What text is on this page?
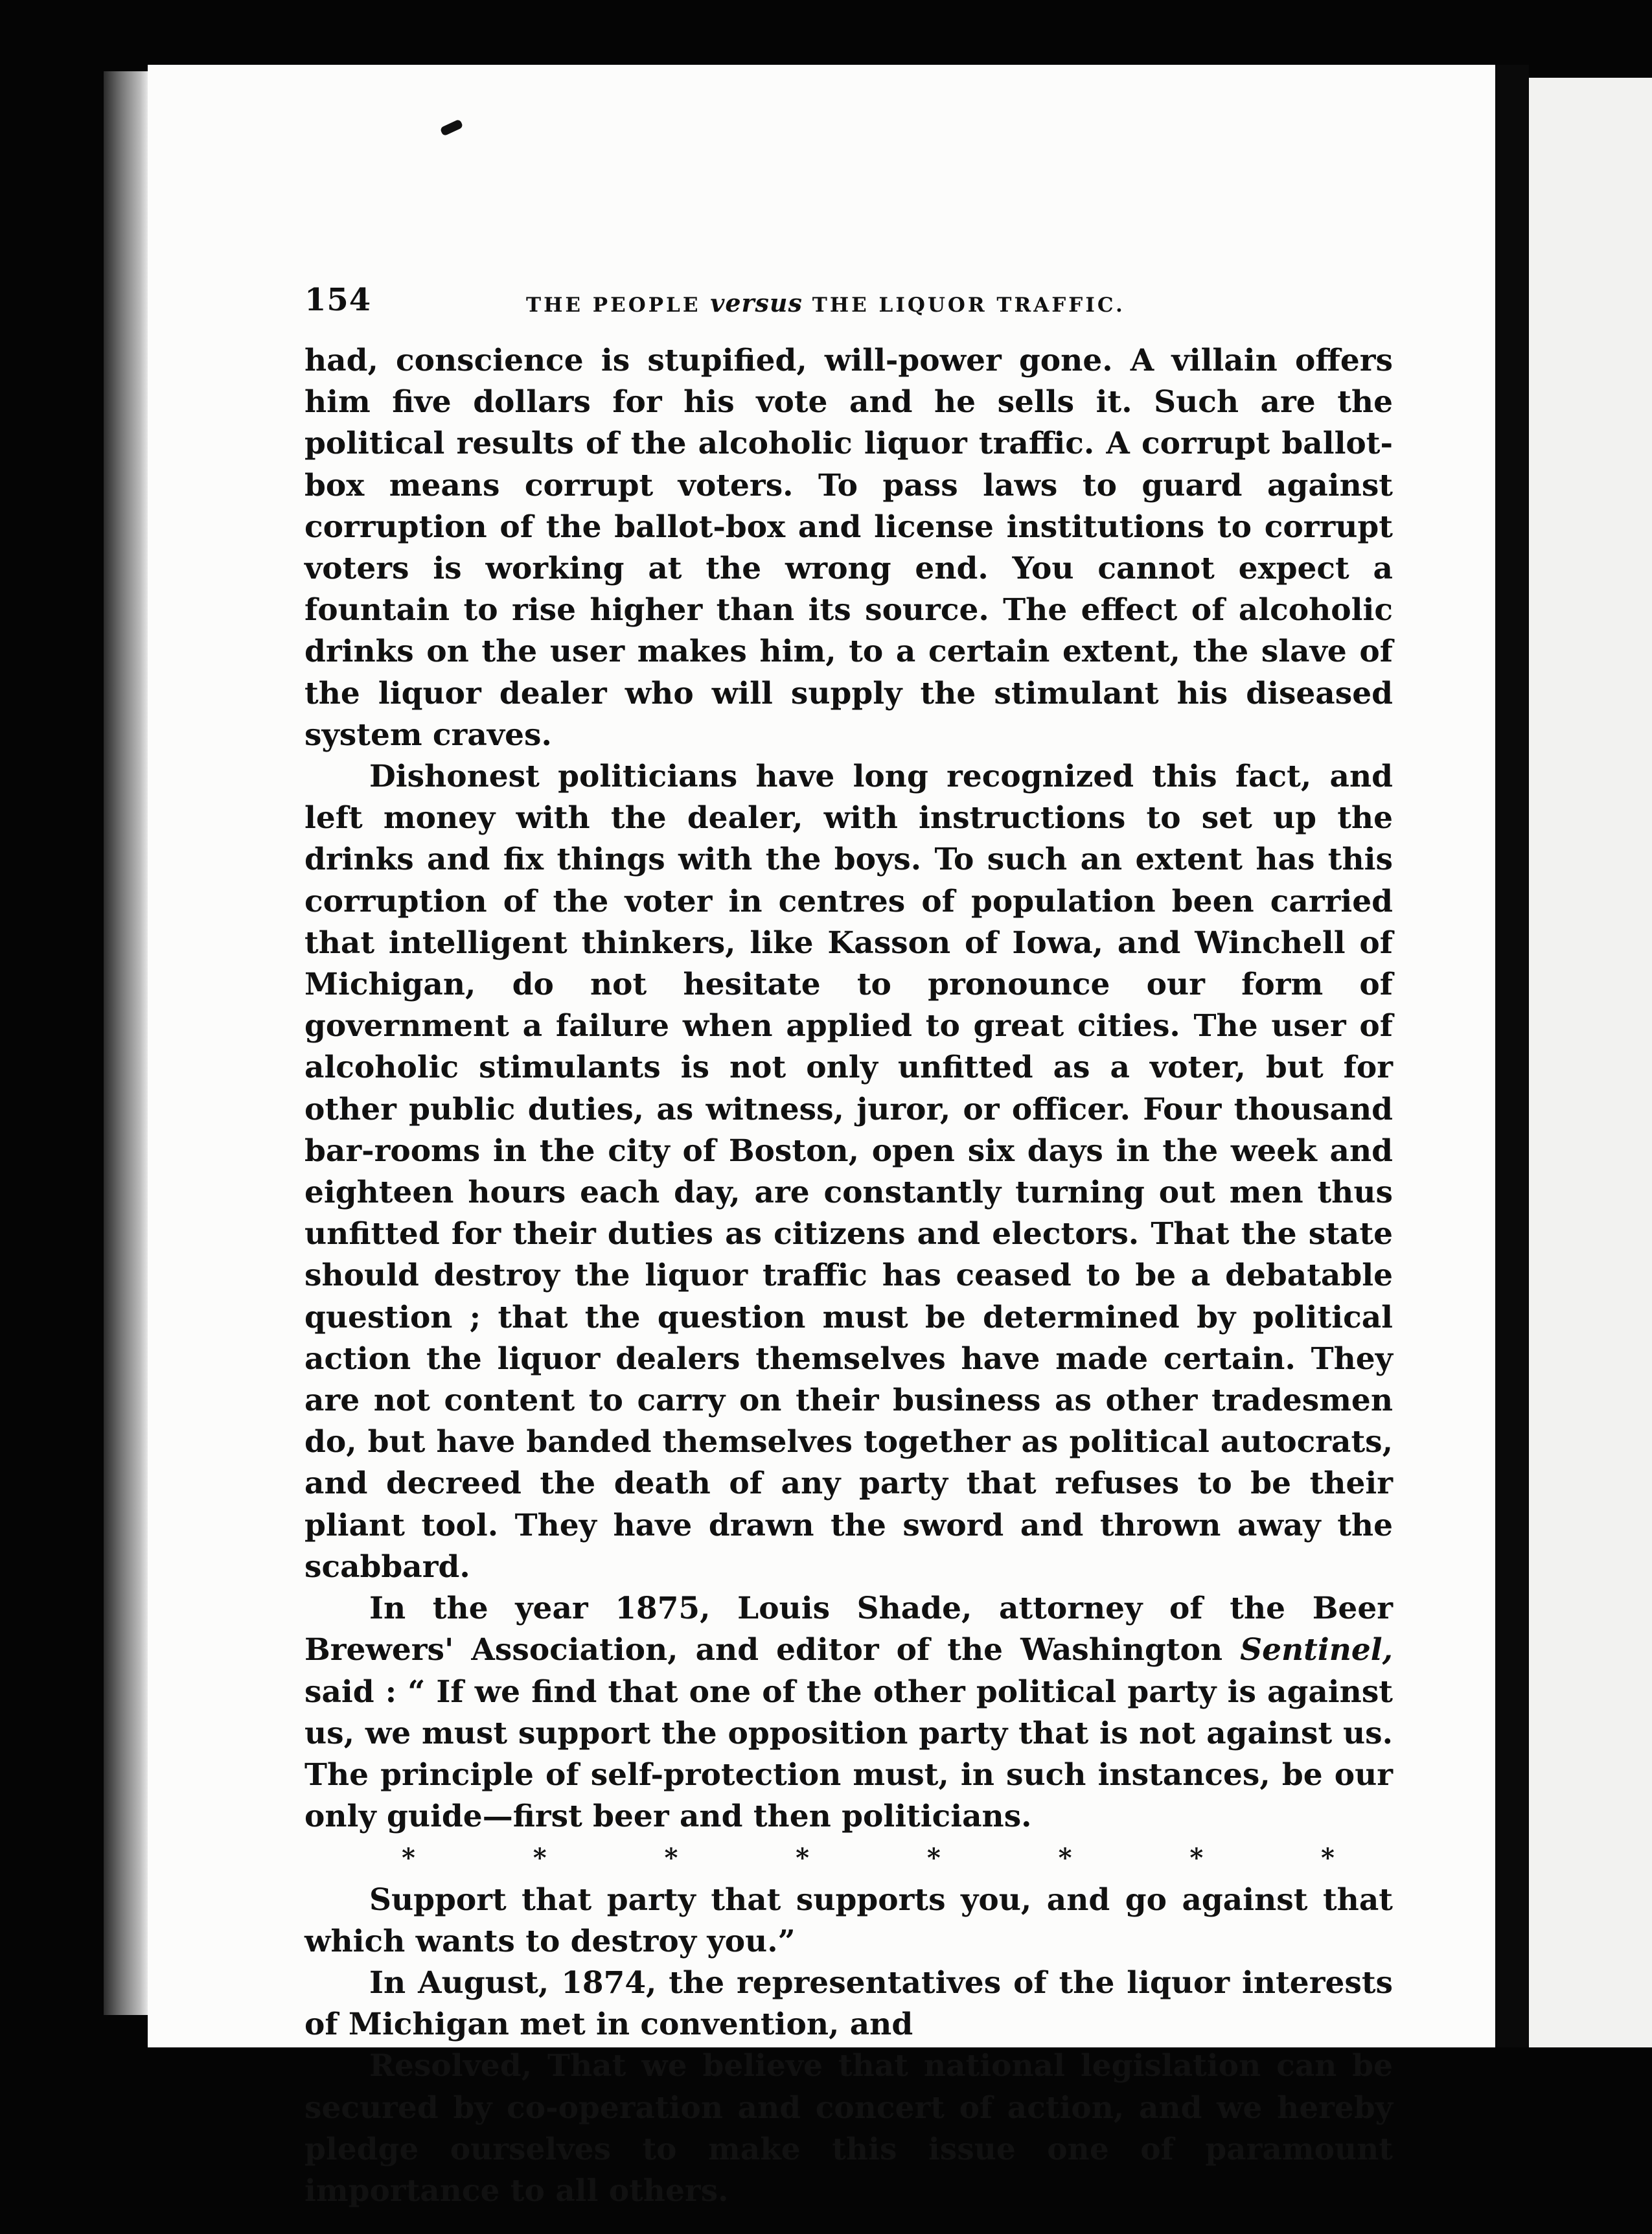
154	THE PEOPLE versus THE LIQUOR TRAFFIC.

had, conscience is stupified, will-power gone. A villain offers him five dollars for his vote and he sells it. Such are the political results of the alcoholic liquor traffic. A corrupt ballot-box means corrupt voters. To pass laws to guard against corruption of the ballot-box and license institutions to corrupt voters is working at the wrong end. You cannot expect a fountain to rise higher than its source. The effect of alcoholic drinks on the user makes him, to a certain extent, the slave of the liquor dealer who will supply the stimulant his diseased system craves.

Dishonest politicians have long recognized this fact, and left money with the dealer, with instructions to set up the drinks and fix things with the boys. To such an extent has this corruption of the voter in centres of population been carried that intelligent thinkers, like Kasson of Iowa, and Winchell of Michigan, do not hesitate to pronounce our form of government a failure when applied to great cities. The user of alcoholic stimulants is not only unfitted as a voter, but for other public duties, as witness, juror, or officer. Four thousand bar-rooms in the city of Boston, open six days in the week and eighteen hours each day, are constantly turning out men thus unfitted for their duties as citizens and electors. That the state should destroy the liquor traffic has ceased to be a debatable question ; that the question must be determined by political action the liquor dealers themselves have made certain. They are not content to carry on their business as other tradesmen do, but have banded themselves together as political autocrats, and decreed the death of any party that refuses to be their pliant tool. They have drawn the sword and thrown away the scabbard.

In the year 1875, Louis Shade, attorney of the Beer Brewers' Association, and editor of the Washington Sentinel, said : “ If we find that one of the other political party is against us, we must support the opposition party that is not against us. The principle of self-protection must, in such instances, be our only guide—first beer and then politicians.

*	*	*	*	*	*	*	*

Support that party that supports you, and go against that which wants to destroy you.”

In August, 1874, the representatives of the liquor interests of Michigan met in convention, and

Resolved, That we believe that national legislation can be secured by co-operation and concert of action, and we hereby pledge ourselves to make this issue one of paramount importance to all others.
